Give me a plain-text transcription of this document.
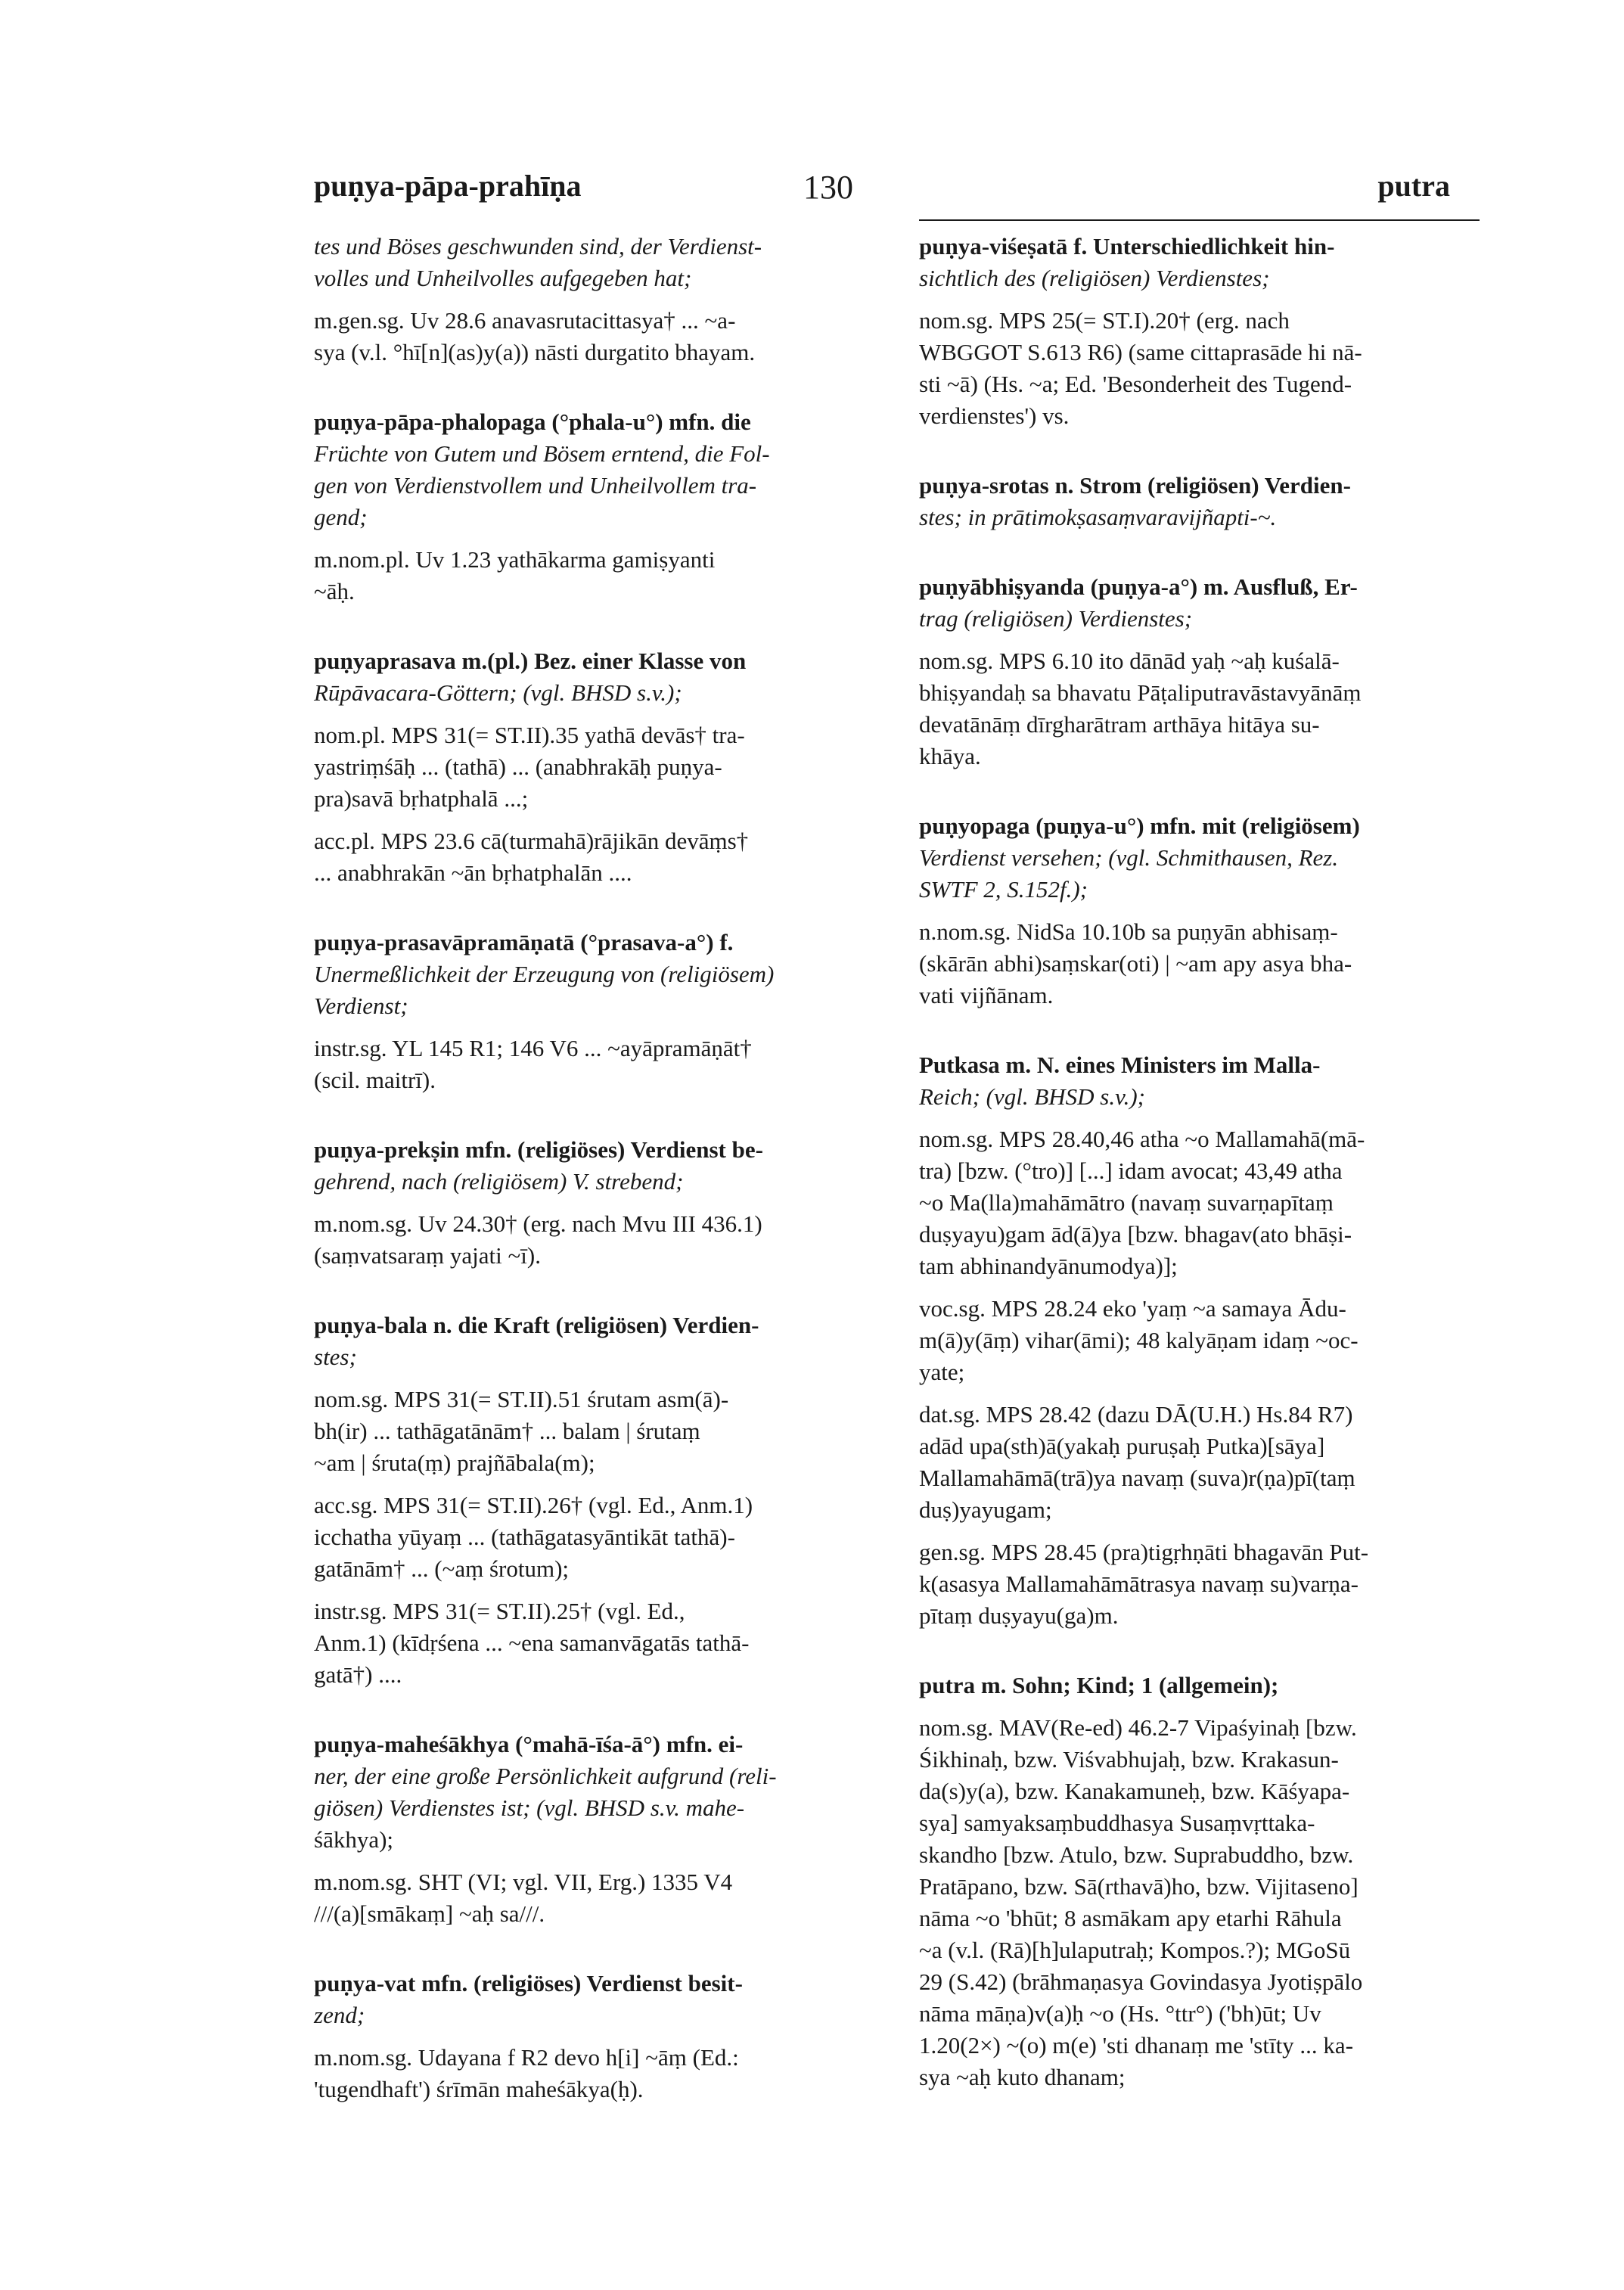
puṇya-pāpa-prahīṇa	130	putra
tes und Böses geschwunden sind, der Verdienst-
volles und Unheilvolles aufgegeben hat;
m.gen.sg. Uv 28.6 anavasrutacittasya† ... ~a-
sya (v.l. °hī[n](as)y(a)) nāsti durgatito bhayam.
puṇya-pāpa-phalopaga (°phala-u°) mfn. die
Früchte von Gutem und Bösem erntend, die Fol-
gen von Verdienstvollem und Unheilvollem tra-
gend;
m.nom.pl. Uv 1.23 yathākarma gamiṣyanti
~āḥ.
puṇyaprasava m.(pl.) Bez. einer Klasse von
Rūpāvacara-Göttern; (vgl. BHSD s.v.);
nom.pl. MPS 31(= ST.II).35 yathā devās† tra-
yastriṃśāḥ ... (tathā) ... (anabhrakāḥ puṇya-
pra)savā bṛhatphalā ...;
acc.pl. MPS 23.6 cā(turmahā)rājikān devāṃs†
... anabhrakān ~ān bṛhatphalān ....
puṇya-prasavāpramāṇatā (°prasava-a°) f.
Unermeßlichkeit der Erzeugung von (religiösem)
Verdienst;
instr.sg. YL 145 R1; 146 V6 ... ~ayāpramāṇāt†
(scil. maitrī).
puṇya-prekṣin mfn. (religiöses) Verdienst be-
gehrend, nach (religiösem) V. strebend;
m.nom.sg. Uv 24.30† (erg. nach Mvu III 436.1)
(saṃvatsaraṃ yajati ~ī).
puṇya-bala n. die Kraft (religiösen) Verdien-
stes;
nom.sg. MPS 31(= ST.II).51 śrutam asm(ā)-
bh(ir) ... tathāgatānām† ... balam | śrutaṃ
~am | śruta(ṃ) prajñābala(m);
acc.sg. MPS 31(= ST.II).26† (vgl. Ed., Anm.1)
icchatha yūyaṃ ... (tathāgatasyāntikāt tathā)-
gatānām† ... (~aṃ śrotum);
instr.sg. MPS 31(= ST.II).25† (vgl. Ed.,
Anm.1) (kīdṛśena ... ~ena samanvāgatās tathā-
gatā†) ....
puṇya-maheśākhya (°mahā-īśa-ā°) mfn. ei-
ner, der eine große Persönlichkeit aufgrund (reli-
giösen) Verdienstes ist; (vgl. BHSD s.v. mahe-
śākhya);
m.nom.sg. SHT (VI; vgl. VII, Erg.) 1335 V4
///(a)[smākaṃ] ~aḥ sa///.
puṇya-vat mfn. (religiöses) Verdienst besit-
zend;
m.nom.sg. Udayana f R2 devo h[i] ~āṃ (Ed.:
'tugendhaft') śrīmān maheśākya(ḥ).
puṇya-viśeṣatā f. Unterschiedlichkeit hin-
sichtlich des (religiösen) Verdienstes;
nom.sg. MPS 25(= ST.I).20† (erg. nach
WBGGOT S.613 R6) (same cittaprasāde hi nā-
sti ~ā) (Hs. ~a; Ed. 'Besonderheit des Tugend-
verdienstes') vs.
puṇya-srotas n. Strom (religiösen) Verdien-
stes; in prātimokṣasaṃvaravijñapti-~.
puṇyābhiṣyanda (puṇya-a°) m. Ausfluß, Er-
trag (religiösen) Verdienstes;
nom.sg. MPS 6.10 ito dānād yaḥ ~aḥ kuśalā-
bhiṣyandaḥ sa bhavatu Pāṭaliputravāstavyānāṃ
devatānāṃ dīrgharātram arthāya hitāya su-
khāya.
puṇyopaga (puṇya-u°) mfn. mit (religiösem)
Verdienst versehen; (vgl. Schmithausen, Rez.
SWTF 2, S.152f.);
n.nom.sg. NidSa 10.10b sa puṇyān abhisaṃ-
(skārān abhi)saṃskar(oti) | ~am apy asya bha-
vati vijñānam.
Putkasa m. N. eines Ministers im Malla-
Reich; (vgl. BHSD s.v.);
nom.sg. MPS 28.40,46 atha ~o Mallamahā(mā-
tra) [bzw. (°tro)] [...] idam avocat; 43,49 atha
~o Ma(lla)mahāmātro (navaṃ suvarṇapītaṃ
duṣyayu)gam ād(ā)ya [bzw. bhagav(ato bhāṣi-
tam abhinandyānumodya)];
voc.sg. MPS 28.24 eko 'yaṃ ~a samaya Ādu-
m(ā)y(āṃ) vihar(āmi); 48 kalyāṇam idaṃ ~oc-
yate;
dat.sg. MPS 28.42 (dazu DĀ(U.H.) Hs.84 R7)
adād upa(sth)ā(yakaḥ puruṣaḥ Putka)[sāya]
Mallamahāmā(trā)ya navaṃ (suva)r(ṇa)pī(taṃ
duṣ)yayugam;
gen.sg. MPS 28.45 (pra)tigṛhṇāti bhagavān Put-
k(asasya Mallamahāmātrasya navaṃ su)varṇa-
pītaṃ duṣyayu(ga)m.
putra m. Sohn; Kind; 1 (allgemein);
nom.sg. MAV(Re-ed) 46.2-7 Vipaśyinaḥ [bzw.
Śikhinaḥ, bzw. Viśvabhujaḥ, bzw. Krakasun-
da(s)y(a), bzw. Kanakamuneḥ, bzw. Kāśyapa-
sya] samyaksaṃbuddhasya Susaṃvṛttaka-
skandho [bzw. Atulo, bzw. Suprabuddho, bzw.
Pratāpano, bzw. Sā(rthavā)ho, bzw. Vijitaseno]
nāma ~o 'bhūt; 8 asmākam apy etarhi Rāhula
~a (v.l. (Rā)[h]ulaputraḥ; Kompos.?); MGoSū
29 (S.42) (brāhmaṇasya Govindasya Jyotiṣpālo
nāma māṇa)v(a)ḥ ~o (Hs. °ttr°) ('bh)ūt; Uv
1.20(2×) ~(o) m(e) 'sti dhanaṃ me 'stīty ... ka-
sya ~aḥ kuto dhanam;
